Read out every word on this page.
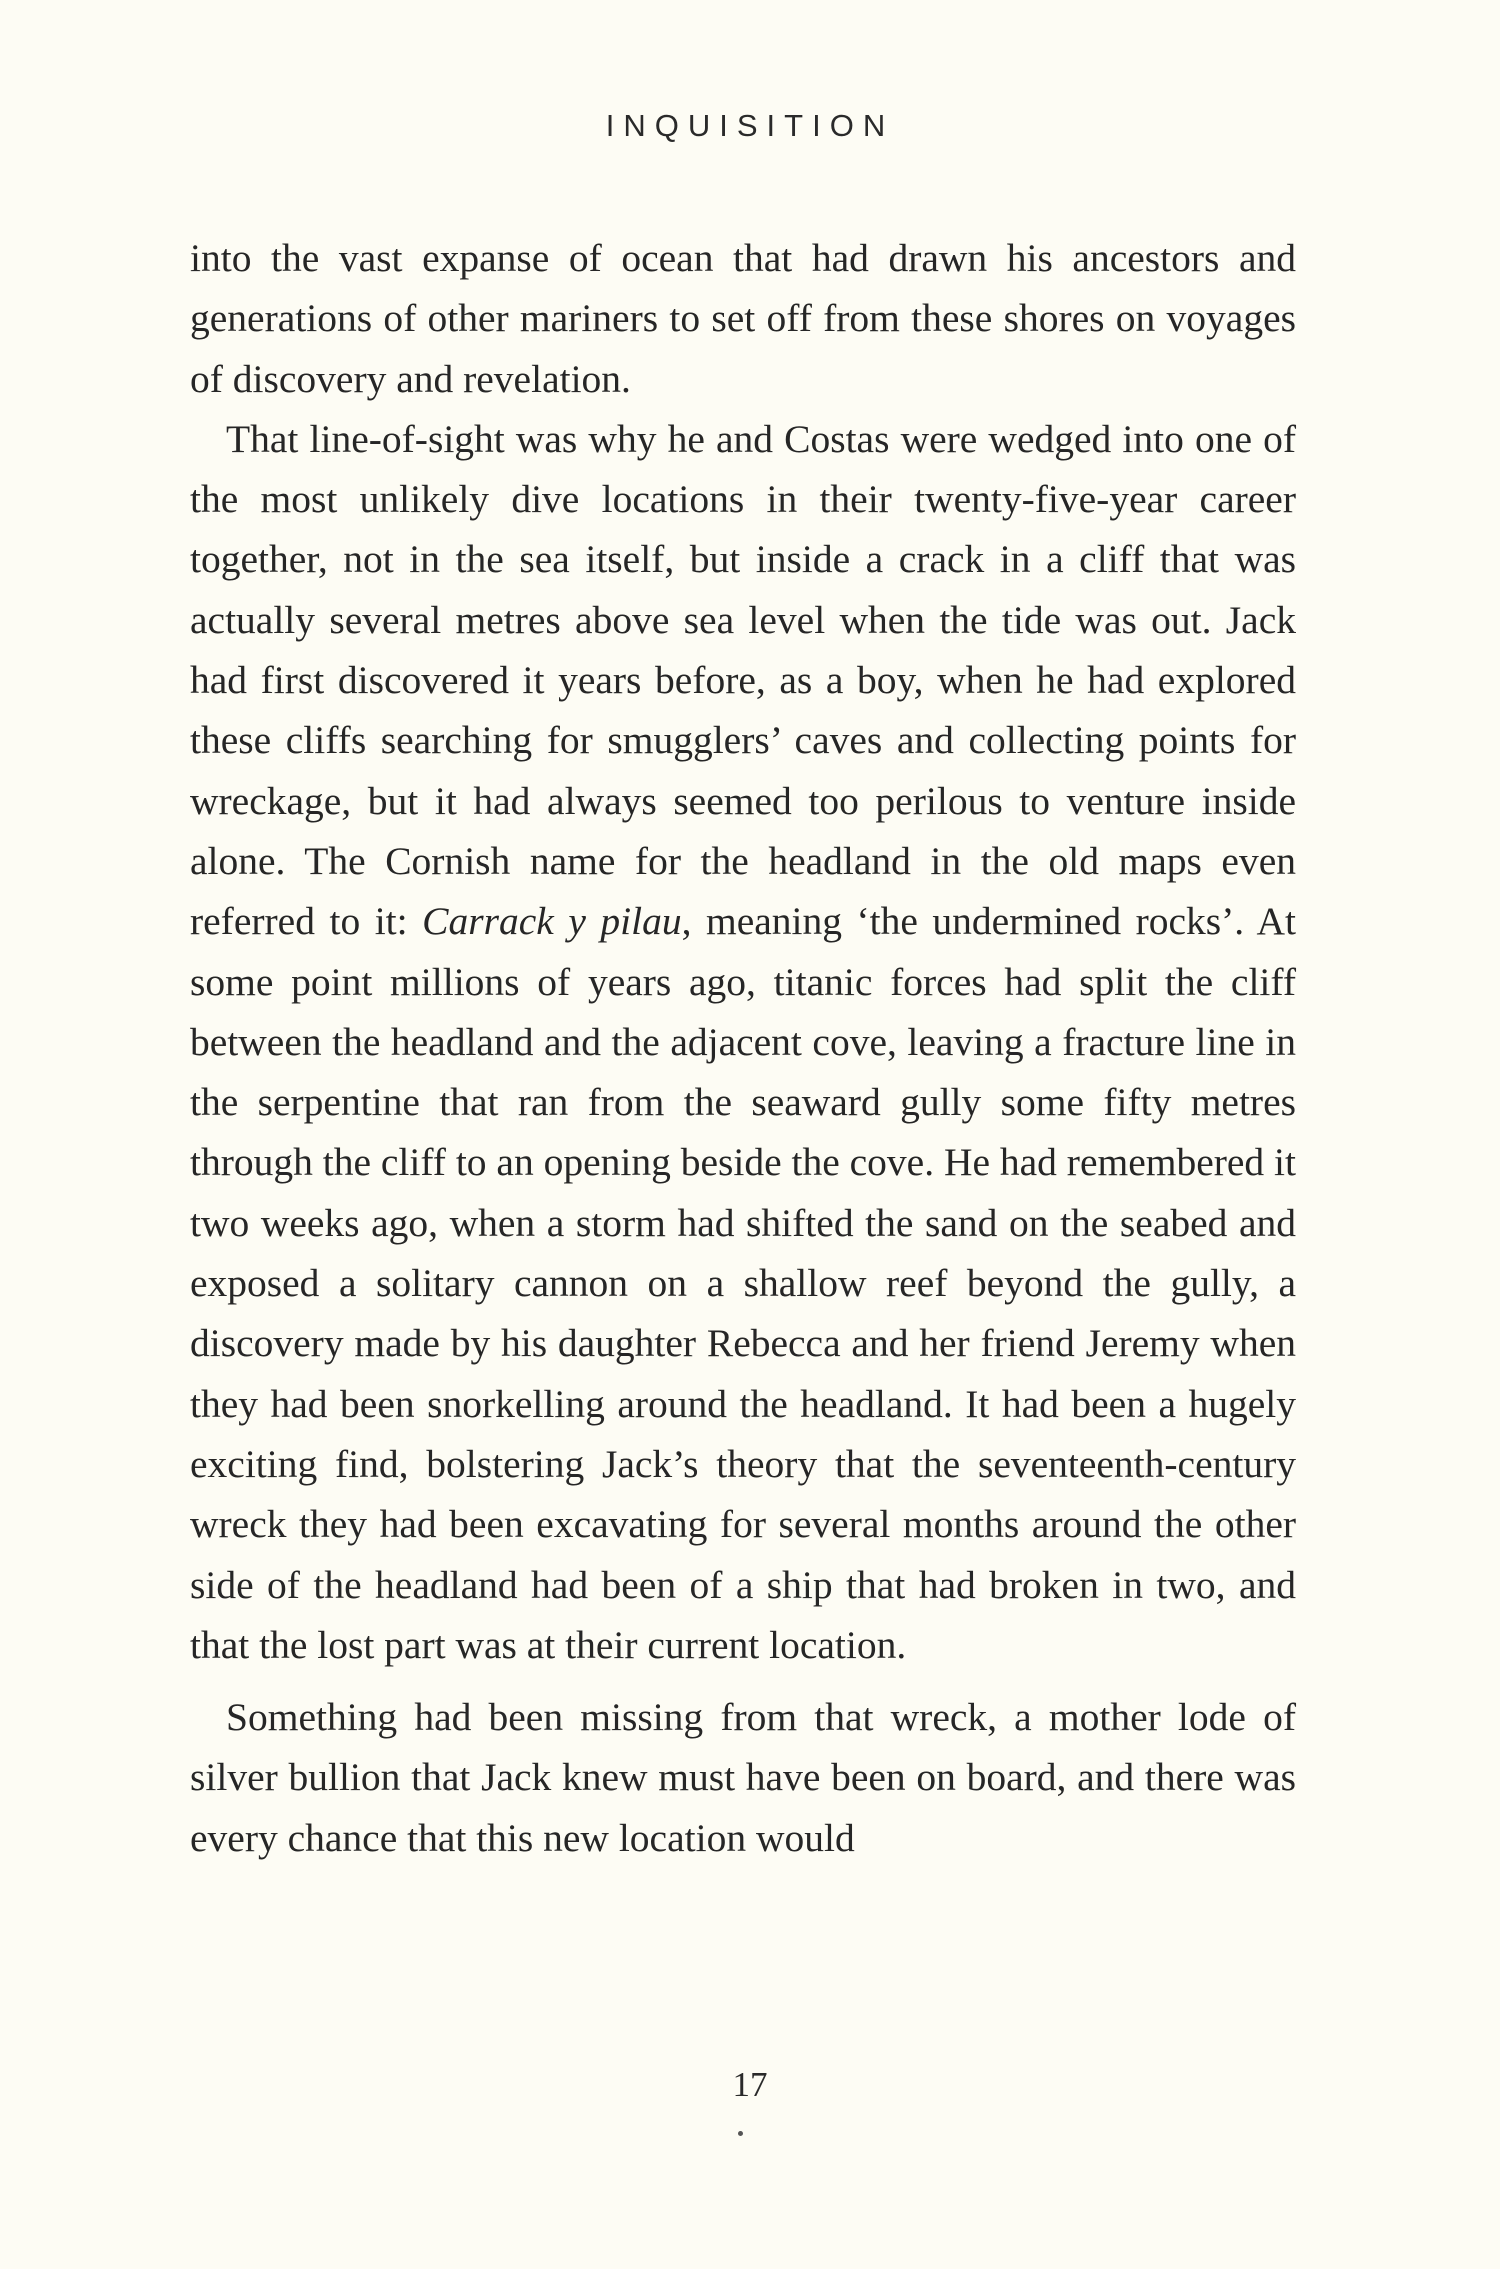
INQUISITION

into the vast expanse of ocean that had drawn his ancestors and generations of other mariners to set off from these shores on voyages of discovery and revelation.

That line-of-sight was why he and Costas were wedged into one of the most unlikely dive locations in their twenty-five-year career together, not in the sea itself, but inside a crack in a cliff that was actually several metres above sea level when the tide was out. Jack had first discovered it years before, as a boy, when he had explored these cliffs searching for smugglers’ caves and collecting points for wreckage, but it had always seemed too perilous to venture inside alone. The Cornish name for the headland in the old maps even referred to it: Carrack y pilau, meaning ‘the undermined rocks’. At some point millions of years ago, titanic forces had split the cliff between the headland and the adjacent cove, leaving a fracture line in the serpentine that ran from the seaward gully some fifty metres through the cliff to an opening beside the cove. He had remembered it two weeks ago, when a storm had shifted the sand on the seabed and exposed a solitary cannon on a shallow reef beyond the gully, a discovery made by his daughter Rebecca and her friend Jeremy when they had been snorkelling around the headland. It had been a hugely exciting find, bolstering Jack’s theory that the seventeenth-century wreck they had been excavating for several months around the other side of the headland had been of a ship that had broken in two, and that the lost part was at their current location.

Something had been missing from that wreck, a mother lode of silver bullion that Jack knew must have been on board, and there was every chance that this new location would

17
